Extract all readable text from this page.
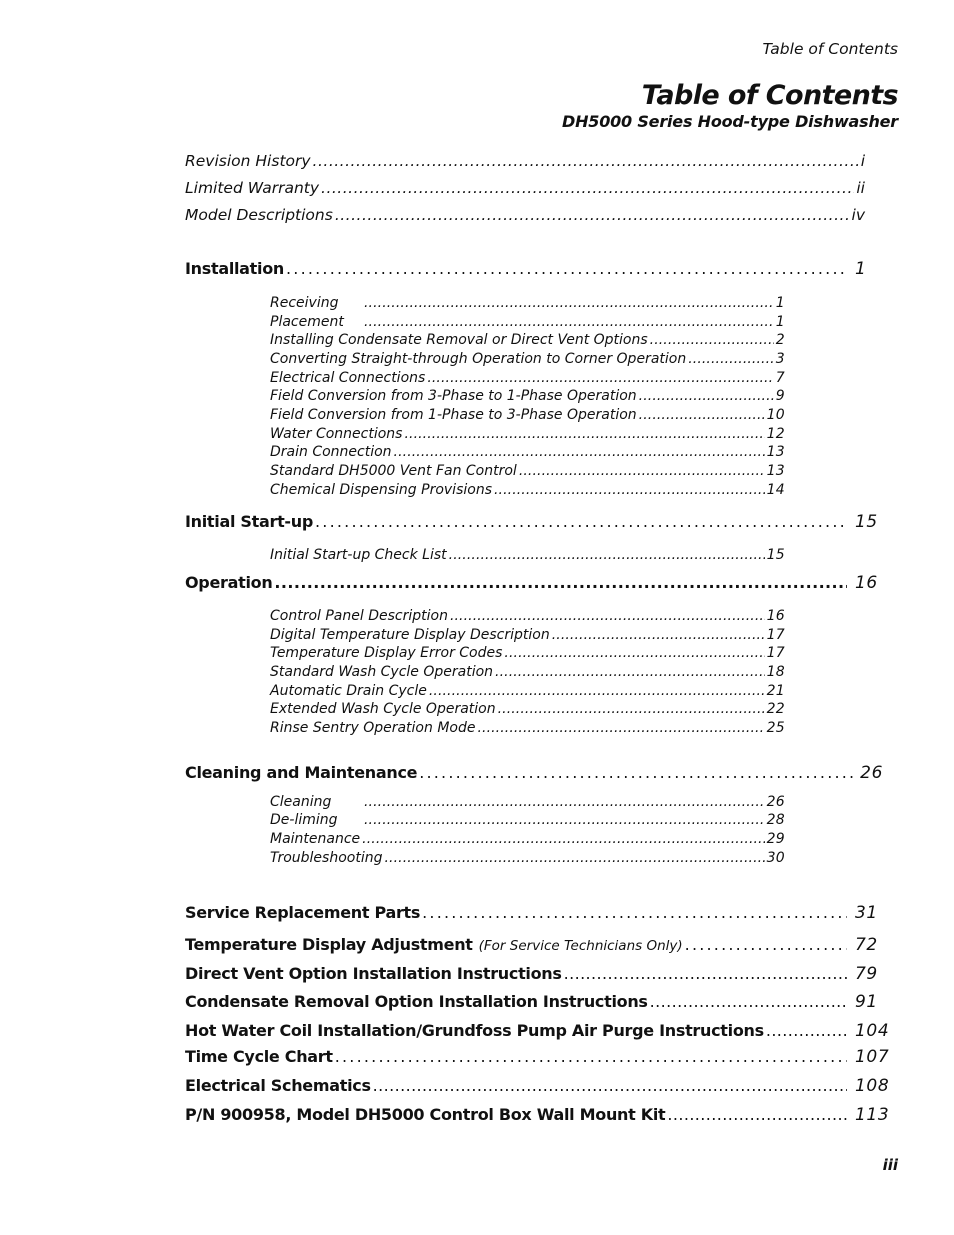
Table of Contents
Table of Contents
DH5000 Series Hood-type Dishwasher
Revision History .....	i
Limited Warranty .....	ii
Model Descriptions .....	iv
Installation .....	1
Receiving .....	1
Placement .....	1
Installing Condensate Removal or Direct Vent Options .....	2
Converting Straight-through Operation to Corner Operation .....	3
Electrical Connections .....	7
Field Conversion from 3-Phase to 1-Phase Operation .....	9
Field Conversion from 1-Phase to 3-Phase Operation .....	10
Water Connections .....	12
Drain Connection .....	13
Standard DH5000 Vent Fan Control .....	13
Chemical Dispensing Provisions .....	14
Initial Start-up .....	15
Initial Start-up Check List .....	15
Operation .....	16
Control Panel Description .....	16
Digital Temperature Display Description .....	17
Temperature Display Error Codes .....	17
Standard Wash Cycle Operation .....	18
Automatic Drain Cycle .....	21
Extended Wash Cycle Operation .....	22
Rinse Sentry Operation Mode .....	25
Cleaning and Maintenance .....	26
Cleaning .....	26
De-liming .....	28
Maintenance .....	29
Troubleshooting .....	30
Service Replacement Parts .....	31
Temperature Display Adjustment (For Service Technicians Only) .....	72
Direct Vent Option Installation Instructions .....	79
Condensate Removal Option Installation Instructions .....	91
Hot Water Coil Installation/Grundfoss Pump Air Purge Instructions .....	104
Time Cycle Chart .....	107
Electrical Schematics .....	108
P/N 900958, Model DH5000 Control Box Wall Mount Kit .....	113
iii
